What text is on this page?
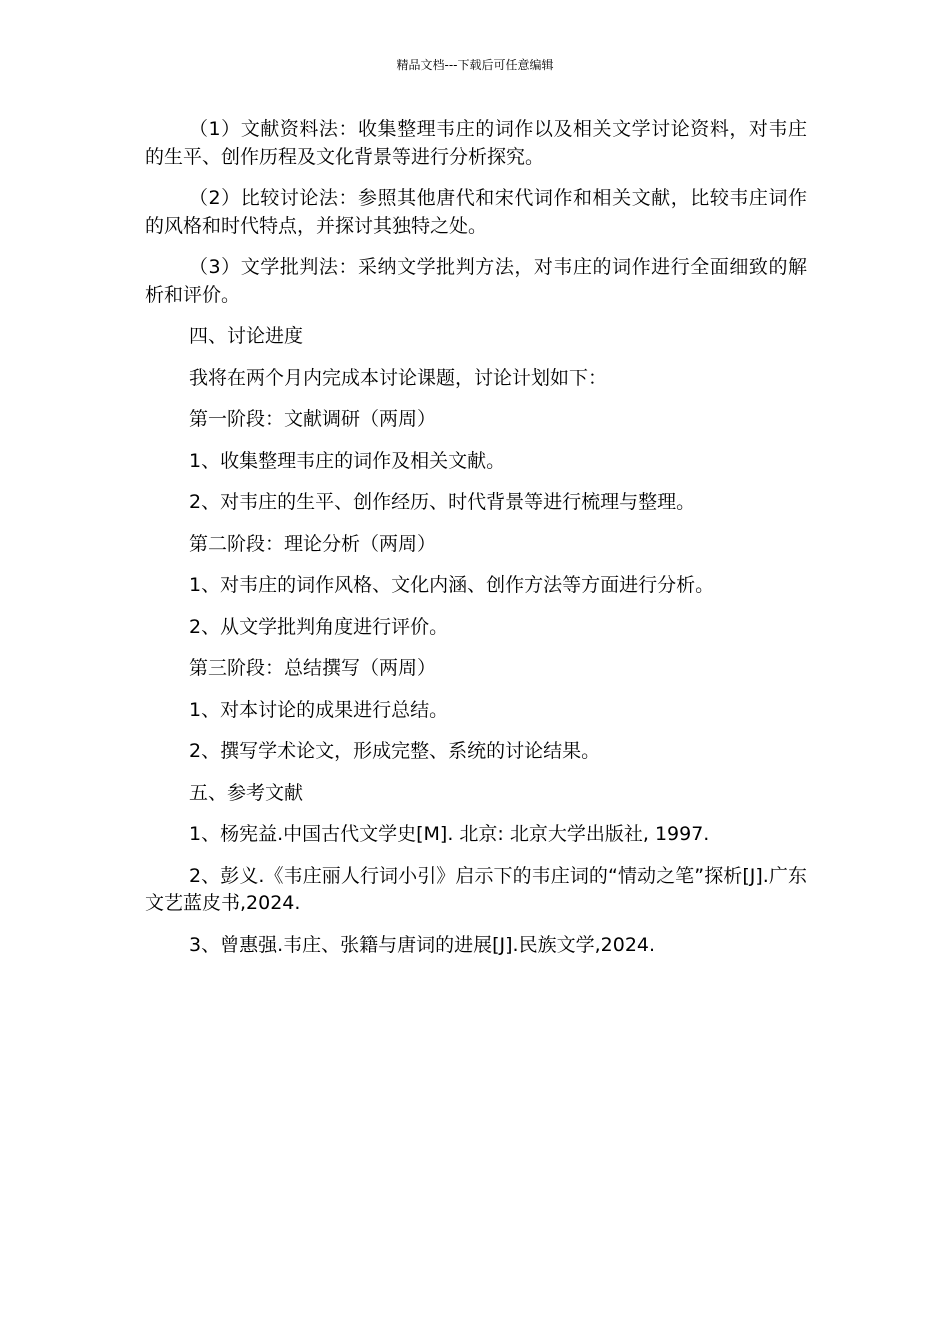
精品文档---下载后可任意编辑

（1）文献资料法：收集整理韦庄的词作以及相关文学讨论资料，对韦庄的生平、创作历程及文化背景等进行分析探究。

（2）比较讨论法：参照其他唐代和宋代词作和相关文献，比较韦庄词作的风格和时代特点，并探讨其独特之处。

（3）文学批判法：采纳文学批判方法，对韦庄的词作进行全面细致的解析和评价。

四、讨论进度

我将在两个月内完成本讨论课题，讨论计划如下：

第一阶段：文献调研（两周）

1、收集整理韦庄的词作及相关文献。

2、对韦庄的生平、创作经历、时代背景等进行梳理与整理。

第二阶段：理论分析（两周）

1、对韦庄的词作风格、文化内涵、创作方法等方面进行分析。

2、从文学批判角度进行评价。

第三阶段：总结撰写（两周）

1、对本讨论的成果进行总结。

2、撰写学术论文，形成完整、系统的讨论结果。

五、参考文献

1、杨宪益.中国古代文学史[M]. 北京: 北京大学出版社, 1997.

2、彭义.《韦庄丽人行词小引》启示下的韦庄词的“情动之笔”探析[J].广东文艺蓝皮书,2024.

3、曾惠强.韦庄、张籍与唐词的进展[J].民族文学,2024.
